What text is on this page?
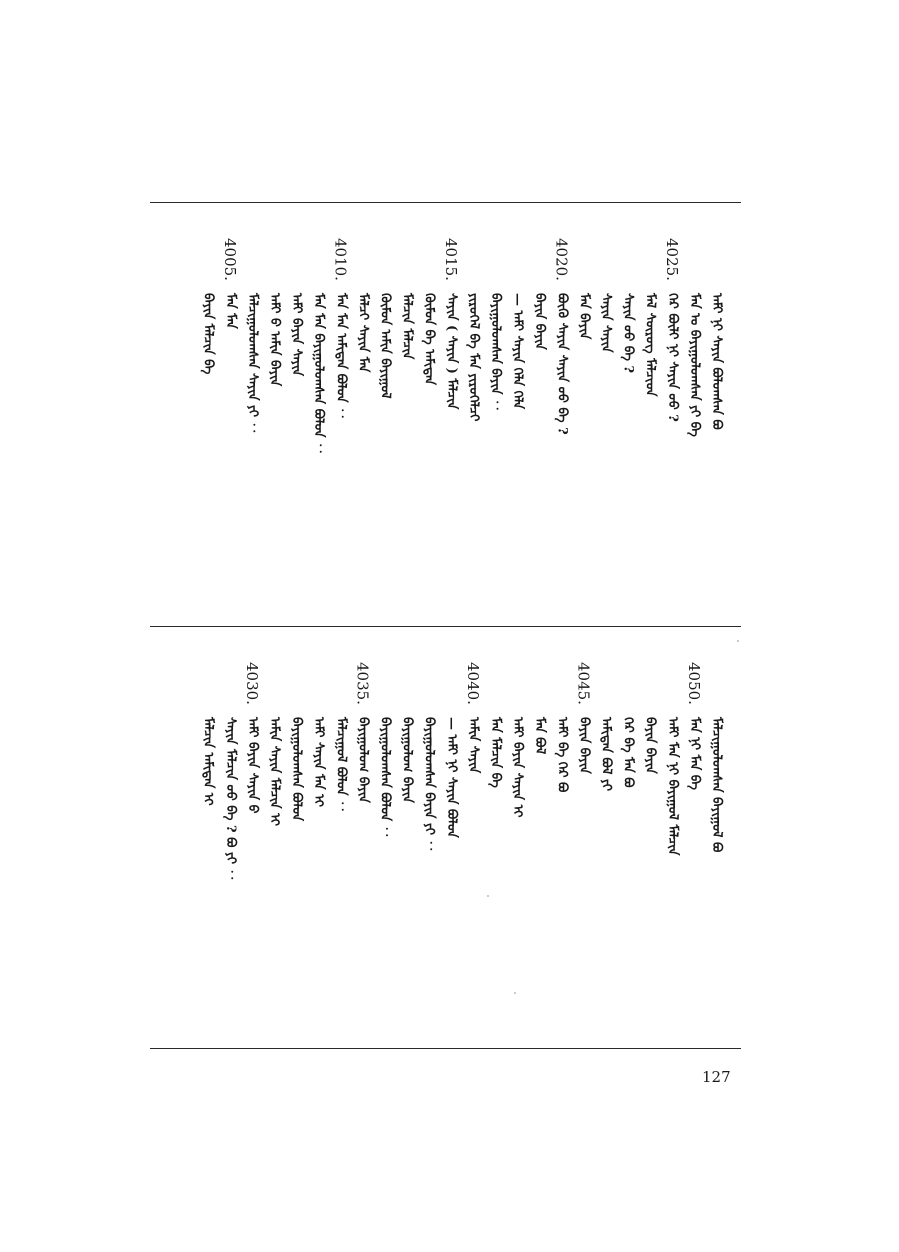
ᠠᠮᠢ ᠨᠢ ᠰᠠᠶᠢᠨ ᠪᠣᠯᠤᠭᠰᠠᠨ ᠪᠣ
ᠮᠠᠨ ᠤ ᠪᠠᠶᠢᠭᠤᠯᠤᠭᠰᠠᠨ ᠶᠢ ᠪᠠ
4025.
ᠭᠡᠷ ᠪᠦᠯᠢ ᠨᠢ ᠰᠠᠶᠢᠨ ᠤᠤ ?
ᠮᠠᠯ ᠰᠦᠷᠦᠭ ᠮᠠᠯᠴᠢᠳ
ᠰᠠᠶᠢᠨ ᠤᠤ ᠪᠠ ?
ᠰᠠᠶᠢᠨ ᠰᠠᠶᠢᠨ
ᠮᠠᠨ ᠪᠠᠶᠢᠨ
4020.
ᠪᠦᠬᠦ ᠰᠠᠶᠢᠨ ᠰᠠᠶᠢᠨ ᠤᠤ ᠪᠠ ?
ᠪᠠᠶᠢᠨ ᠪᠠᠶᠢᠨ
— ᠠᠮᠢ ᠰᠠᠶᠢᠨ ᠬᠡᠯᠡ ᠬᠡᠯᠡ
ᠪᠠᠶᠢᠭᠤᠯᠤᠭᠰᠠᠨ ᠪᠠᠶᠢᠨ ︰
ᠶᠢᠷᠦᠭᠡᠯ ᠪᠠ ᠮᠠᠨ ᠶᠢᠷᠦᠭᠡᠯᠴᠢ
4015.
ᠰᠠᠶᠢᠨ ( ᠰᠠᠶᠢᠨ ) ᠮᠠᠯᠴᠢᠨ
ᠬᠦᠮᠦᠨ ᠪᠠ ᠠᠮᠢᠲᠠᠨ
ᠮᠠᠯᠴᠢᠨ ᠮᠠᠯᠴᠢᠨ
ᠬᠦᠮᠦᠨ ᠠᠮᠢᠨ ᠪᠠᠶᠢᠭᠤᠯ
ᠮᠠᠯᠴᠢ ᠰᠠᠶᠢᠨ ᠮᠠᠨ
4010.
ᠮᠠᠨ ᠮᠠᠨ ᠠᠮᠢᠲᠠᠨ ᠪᠣᠯᠤᠨ ︰
ᠮᠠᠨ ᠮᠠᠨ ᠪᠠᠶᠢᠭᠤᠯᠤᠭᠰᠠᠨ ᠪᠣᠯᠤᠨ ︰
ᠠᠮᠢ ᠪᠠᠶᠢᠨ ᠰᠠᠶᠢᠨ
ᠠᠮᠢ ᠪ ᠠᠮᠢᠨ ᠪᠠᠶᠢᠨ
ᠮᠠᠯᠴᠢᠭᠤᠯᠤᠭᠰᠠᠨ ᠰᠠᠶᠢᠨ ᠶᠢ ︰
4005.
ᠮᠠᠨ ᠮᠠᠨ
ᠪᠠᠶᠢᠨ ᠮᠠᠯᠴᠢᠨ ᠪᠠ
ᠮᠠᠯᠴᠢᠭᠤᠯᠤᠭᠰᠠᠨ ᠪᠠᠶᠢᠭᠤᠯ ᠪᠣ
4050.
ᠮᠠᠨ ᠨᠢ ᠮᠠᠨ ᠪᠠ
ᠠᠮᠢ ᠮᠠᠨ ᠨᠢ ᠪᠠᠶᠢᠭᠤᠯ ᠮᠠᠯᠴᠢᠨ
ᠪᠠᠶᠢᠨ ᠪᠠᠶᠢᠨ
ᠭᠡᠷ ᠪᠠ ᠮᠠᠨ ᠪᠣ
ᠠᠮᠢᠲᠠᠨ ᠪᠣᠯ ᠶᠢ
4045.
ᠪᠠᠶᠢᠨ ᠪᠠᠶᠢᠨ
ᠠᠮᠢ ᠪᠠ ᠭᠡᠷ ᠪᠣ
ᠮᠠᠨ ᠪᠣᠯ
ᠠᠮᠢ ᠪᠠᠶᠢᠨ ᠰᠠᠶᠢᠨ ᠢ
ᠮᠠᠨ ᠮᠠᠯᠴᠢᠨ ᠪᠠ
4040.
ᠠᠮᠢᠨ ᠰᠠᠶᠢᠨ
— ᠠᠮᠢ ᠨᠢ ᠰᠠᠶᠢᠨ ᠪᠣᠯᠤᠨ
ᠪᠠᠶᠢᠭᠤᠯᠤᠭᠰᠠᠨ ᠪᠠᠶᠢᠨ ᠶᠢ ︰
ᠪᠠᠶᠢᠭᠤᠯᠤᠭ ᠪᠠᠶᠢᠨ
ᠪᠠᠶᠢᠭᠤᠯᠤᠭᠰᠠᠨ ᠪᠣᠯᠤᠨ ︰
4035.
ᠪᠠᠶᠢᠭᠤᠯᠤᠭ ᠪᠠᠶᠢᠨ
ᠮᠠᠯᠴᠢᠭᠤᠯ ᠪᠣᠯᠤᠨ ︰
ᠠᠮᠢ ᠰᠠᠶᠢᠨ ᠮᠠᠨ ᠢ
ᠪᠠᠶᠢᠭᠤᠯᠤᠭᠰᠠᠨ ᠪᠣᠯᠤᠨ
ᠠᠮᠢᠨ ᠰᠠᠶᠢᠨ ᠮᠠᠯᠴᠢᠨ ᠢ
4030.
ᠠᠮᠢ ᠪᠠᠶᠢᠨ ᠰᠠᠶᠢᠨ ᠪ
ᠰᠠᠶᠢᠨ ᠮᠠᠯᠴᠢᠨ ᠤᠤ ᠪᠠ ? ᠪᠣ ᠶᠢ ︰
ᠮᠠᠯᠴᠢᠨ ᠠᠮᠢᠲᠠᠨ ᠢ
127
